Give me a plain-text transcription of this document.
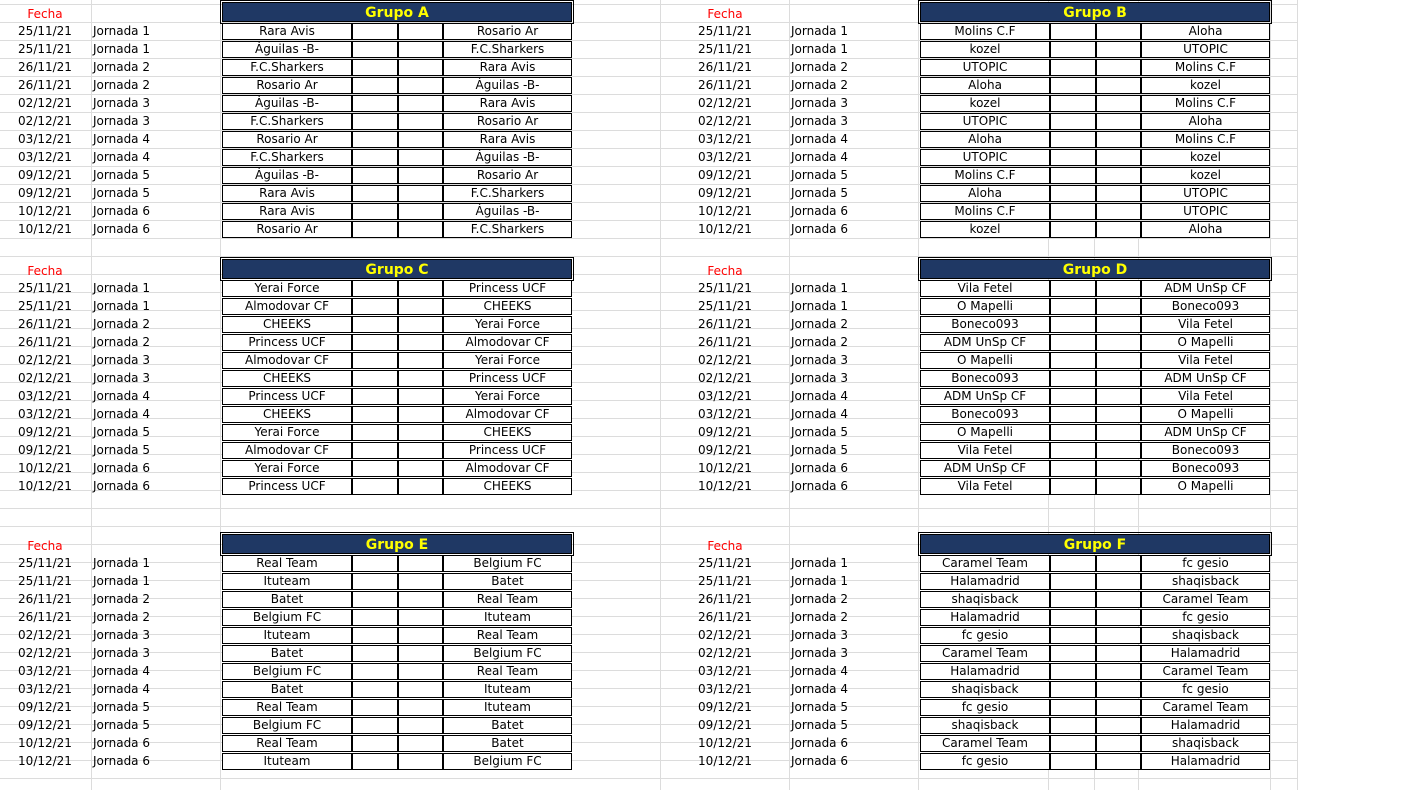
Fecha	Grupo A
25/11/21	Jornada 1	Rara Avis	Rosario Ar
25/11/21	Jornada 1	Águilas -B-	F.C.Sharkers
26/11/21	Jornada 2	F.C.Sharkers	Rara Avis
26/11/21	Jornada 2	Rosario Ar	Águilas -B-
02/12/21	Jornada 3	Águilas -B-	Rara Avis
02/12/21	Jornada 3	F.C.Sharkers	Rosario Ar
03/12/21	Jornada 4	Rosario Ar	Rara Avis
03/12/21	Jornada 4	F.C.Sharkers	Águilas -B-
09/12/21	Jornada 5	Águilas -B-	Rosario Ar
09/12/21	Jornada 5	Rara Avis	F.C.Sharkers
10/12/21	Jornada 6	Rara Avis	Águilas -B-
10/12/21	Jornada 6	Rosario Ar	F.C.Sharkers
Fecha	Grupo B
25/11/21	Jornada 1	Molins C.F	Aloha
25/11/21	Jornada 1	kozel	UTOPIC
26/11/21	Jornada 2	UTOPIC	Molins C.F
26/11/21	Jornada 2	Aloha	kozel
02/12/21	Jornada 3	kozel	Molins C.F
02/12/21	Jornada 3	UTOPIC	Aloha
03/12/21	Jornada 4	Aloha	Molins C.F
03/12/21	Jornada 4	UTOPIC	kozel
09/12/21	Jornada 5	Molins C.F	kozel
09/12/21	Jornada 5	Aloha	UTOPIC
10/12/21	Jornada 6	Molins C.F	UTOPIC
10/12/21	Jornada 6	kozel	Aloha
Fecha	Grupo C
25/11/21	Jornada 1	Yerai Force	Princess UCF
25/11/21	Jornada 1	Almodovar CF	CHEEKS
26/11/21	Jornada 2	CHEEKS	Yerai Force
26/11/21	Jornada 2	Princess UCF	Almodovar CF
02/12/21	Jornada 3	Almodovar CF	Yerai Force
02/12/21	Jornada 3	CHEEKS	Princess UCF
03/12/21	Jornada 4	Princess UCF	Yerai Force
03/12/21	Jornada 4	CHEEKS	Almodovar CF
09/12/21	Jornada 5	Yerai Force	CHEEKS
09/12/21	Jornada 5	Almodovar CF	Princess UCF
10/12/21	Jornada 6	Yerai Force	Almodovar CF
10/12/21	Jornada 6	Princess UCF	CHEEKS
Fecha	Grupo D
25/11/21	Jornada 1	Vila Fetel	ADM UnSp CF
25/11/21	Jornada 1	O Mapelli	Boneco093
26/11/21	Jornada 2	Boneco093	Vila Fetel
26/11/21	Jornada 2	ADM UnSp CF	O Mapelli
02/12/21	Jornada 3	O Mapelli	Vila Fetel
02/12/21	Jornada 3	Boneco093	ADM UnSp CF
03/12/21	Jornada 4	ADM UnSp CF	Vila Fetel
03/12/21	Jornada 4	Boneco093	O Mapelli
09/12/21	Jornada 5	O Mapelli	ADM UnSp CF
09/12/21	Jornada 5	Vila Fetel	Boneco093
10/12/21	Jornada 6	ADM UnSp CF	Boneco093
10/12/21	Jornada 6	Vila Fetel	O Mapelli
Fecha	Grupo E
25/11/21	Jornada 1	Real Team	Belgium FC
25/11/21	Jornada 1	Ituteam	Batet
26/11/21	Jornada 2	Batet	Real Team
26/11/21	Jornada 2	Belgium FC	Ituteam
02/12/21	Jornada 3	Ituteam	Real Team
02/12/21	Jornada 3	Batet	Belgium FC
03/12/21	Jornada 4	Belgium FC	Real Team
03/12/21	Jornada 4	Batet	Ituteam
09/12/21	Jornada 5	Real Team	Ituteam
09/12/21	Jornada 5	Belgium FC	Batet
10/12/21	Jornada 6	Real Team	Batet
10/12/21	Jornada 6	Ituteam	Belgium FC
Fecha	Grupo F
25/11/21	Jornada 1	Caramel Team	fc gesio
25/11/21	Jornada 1	Halamadrid	shaqisback
26/11/21	Jornada 2	shaqisback	Caramel Team
26/11/21	Jornada 2	Halamadrid	fc gesio
02/12/21	Jornada 3	fc gesio	shaqisback
02/12/21	Jornada 3	Caramel Team	Halamadrid
03/12/21	Jornada 4	Halamadrid	Caramel Team
03/12/21	Jornada 4	shaqisback	fc gesio
09/12/21	Jornada 5	fc gesio	Caramel Team
09/12/21	Jornada 5	shaqisback	Halamadrid
10/12/21	Jornada 6	Caramel Team	shaqisback
10/12/21	Jornada 6	fc gesio	Halamadrid
